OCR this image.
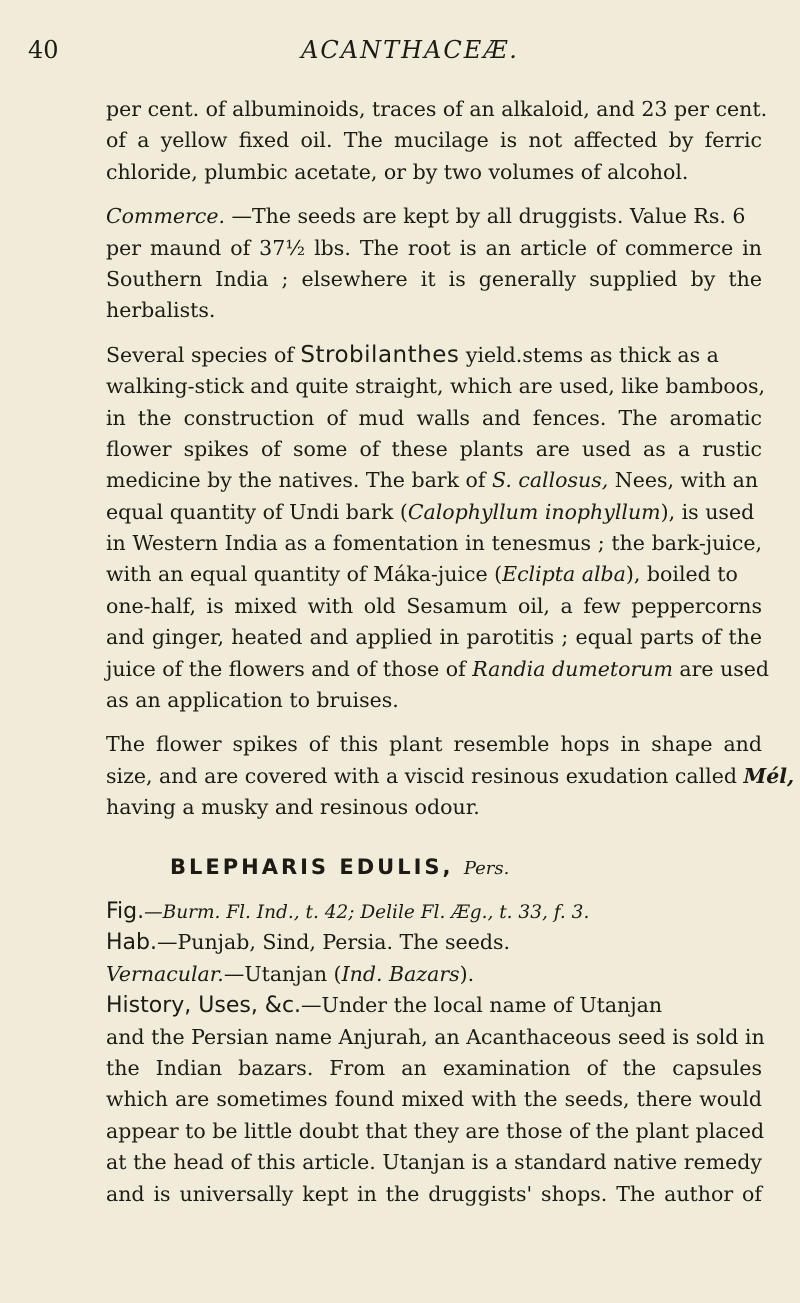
40	ACANTHACEÆ.
per cent. of albuminoids, traces of an alkaloid, and 23 per cent.
of a yellow fixed oil. The mucilage is not affected by ferric
chloride, plumbic acetate, or by two volumes of alcohol.
Commerce. —The seeds are kept by all druggists. Value Rs. 6
per maund of 37½ lbs. The root is an article of commerce in
Southern India ; elsewhere it is generally supplied by the
herbalists.
Several species of Strobilanthes yield.stems as thick as a
walking-stick and quite straight, which are used, like bamboos,
in the construction of mud walls and fences. The aromatic
flower spikes of some of these plants are used as a rustic
medicine by the natives. The bark of S. callosus, Nees, with an
equal quantity of Undi bark (Calophyllum inophyllum), is used
in Western India as a fomentation in tenesmus ; the bark-juice,
with an equal quantity of Máka-juice (Eclipta alba), boiled to
one-half, is mixed with old Sesamum oil, a few peppercorns
and ginger, heated and applied in parotitis ; equal parts of the
juice of the flowers and of those of Randia dumetorum are used
as an application to bruises.
The flower spikes of this plant resemble hops in shape and
size, and are covered with a viscid resinous exudation called Mél,
having a musky and resinous odour.
BLEPHARIS EDULIS, Pers.
Fig.—Burm. Fl. Ind., t. 42; Delile Fl. Æg., t. 33, f. 3.
Hab.—Punjab, Sind, Persia. The seeds.
Vernacular.—Utanjan (Ind. Bazars).
History, Uses, &c.—Under the local name of Utanjan
and the Persian name Anjurah, an Acanthaceous seed is sold in
the Indian bazars. From an examination of the capsules
which are sometimes found mixed with the seeds, there would
appear to be little doubt that they are those of the plant placed
at the head of this article. Utanjan is a standard native remedy
and is universally kept in the druggists' shops. The author of
